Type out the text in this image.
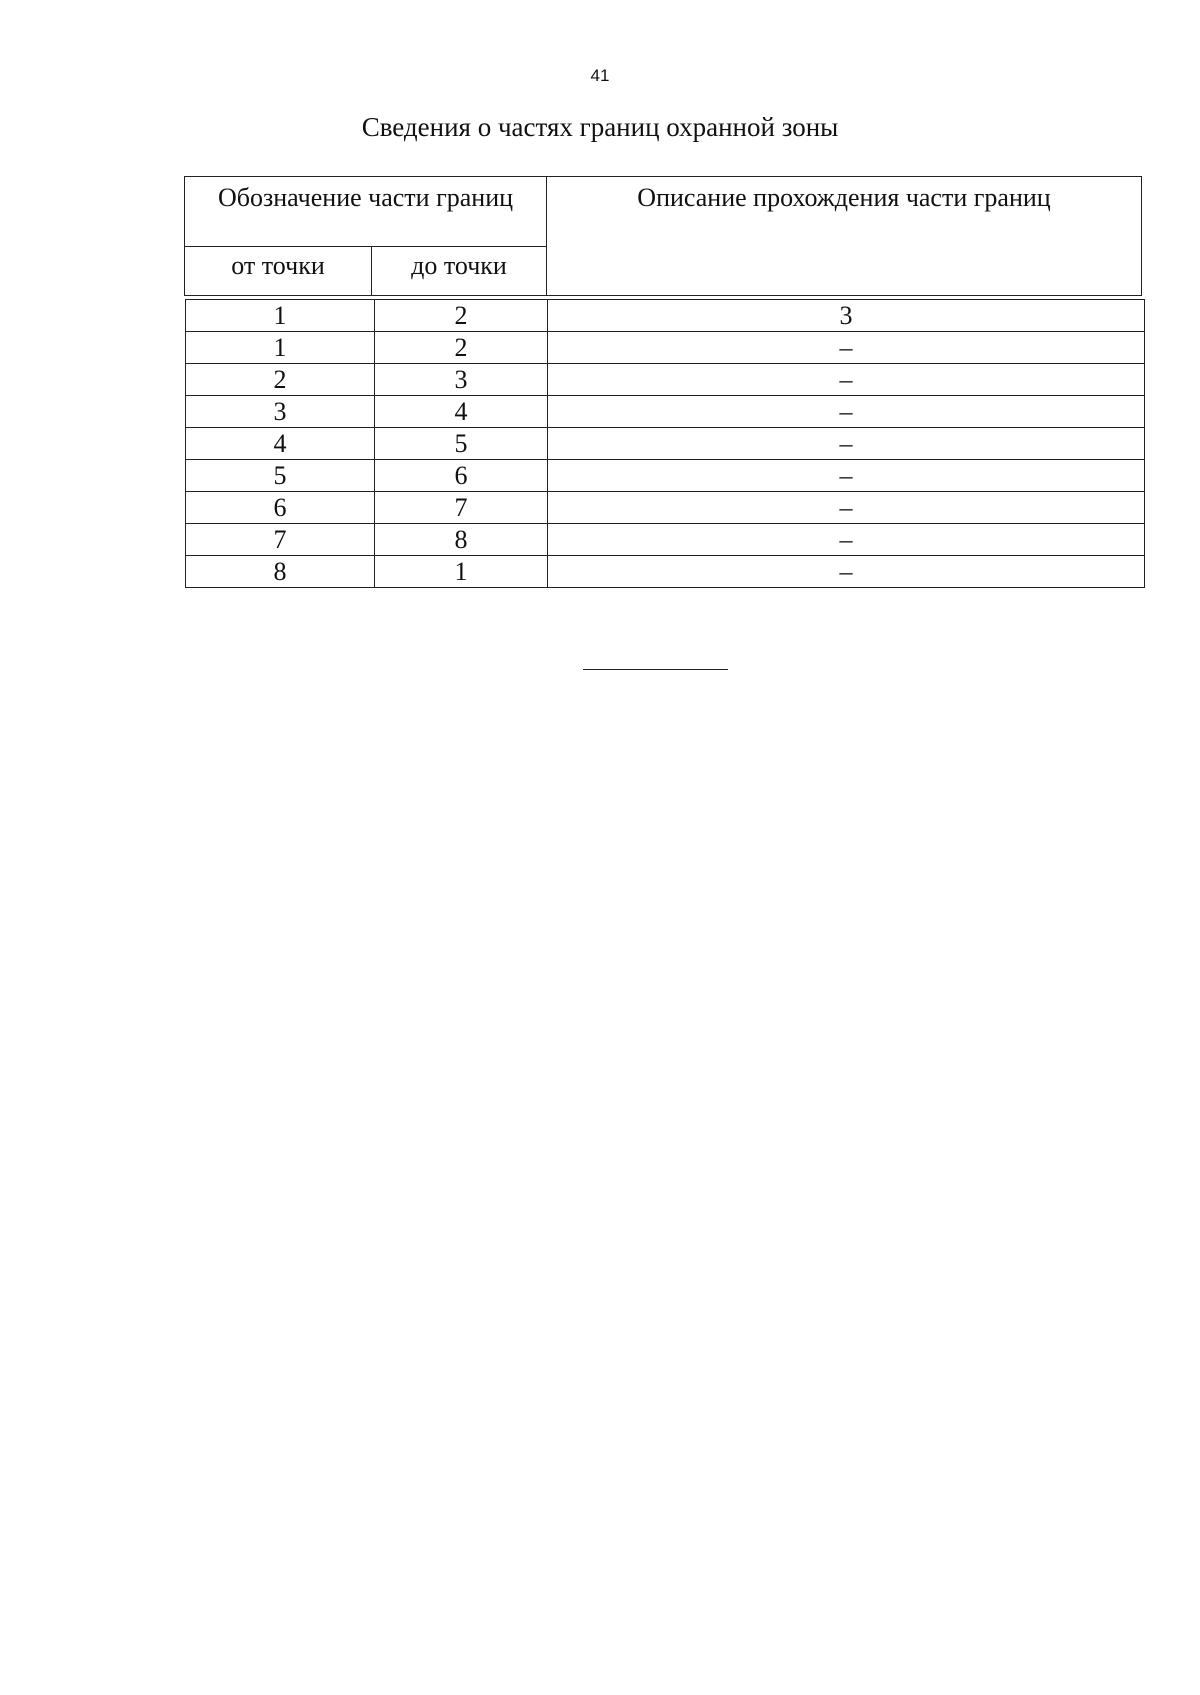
41
Сведения о частях границ охранной зоны
Обозначение части границ
от точки	до точки
Описание прохождения части границ
1	2	3
1	2	–
2	3	–
3	4	–
4	5	–
5	6	–
6	7	–
7	8	–
8	1	–
